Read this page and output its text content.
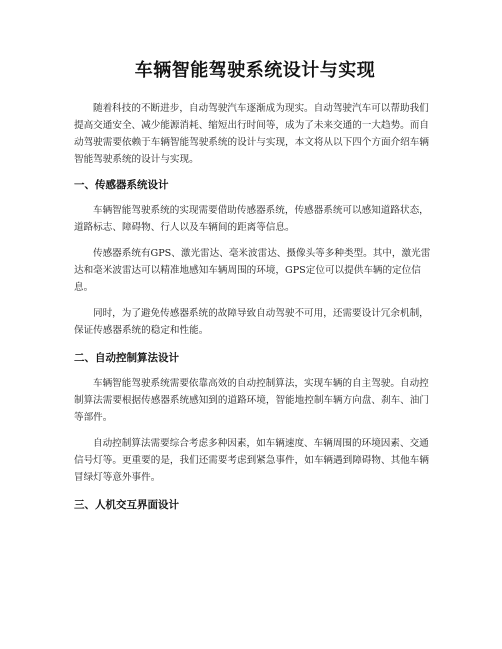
车辆智能驾驶系统设计与实现

随着科技的不断进步，自动驾驶汽车逐渐成为现实。自动驾驶汽车可以帮助我们提高交通安全、减少能源消耗、缩短出行时间等，成为了未来交通的一大趋势。而自动驾驶需要依赖于车辆智能驾驶系统的设计与实现，本文将从以下四个方面介绍车辆智能驾驶系统的设计与实现。

一、传感器系统设计

车辆智能驾驶系统的实现需要借助传感器系统，传感器系统可以感知道路状态，道路标志、障碍物、行人以及车辆间的距离等信息。

传感器系统有GPS、激光雷达、毫米波雷达、摄像头等多种类型。其中，激光雷达和毫米波雷达可以精准地感知车辆周围的环境，GPS定位可以提供车辆的定位信息。

同时，为了避免传感器系统的故障导致自动驾驶不可用，还需要设计冗余机制，保证传感器系统的稳定和性能。

二、自动控制算法设计

车辆智能驾驶系统需要依靠高效的自动控制算法，实现车辆的自主驾驶。自动控制算法需要根据传感器系统感知到的道路环境，智能地控制车辆方向盘、刹车、油门等部件。

自动控制算法需要综合考虑多种因素，如车辆速度、车辆周围的环境因素、交通信号灯等。更重要的是，我们还需要考虑到紧急事件，如车辆遇到障碍物、其他车辆冒绿灯等意外事件。

三、人机交互界面设计
